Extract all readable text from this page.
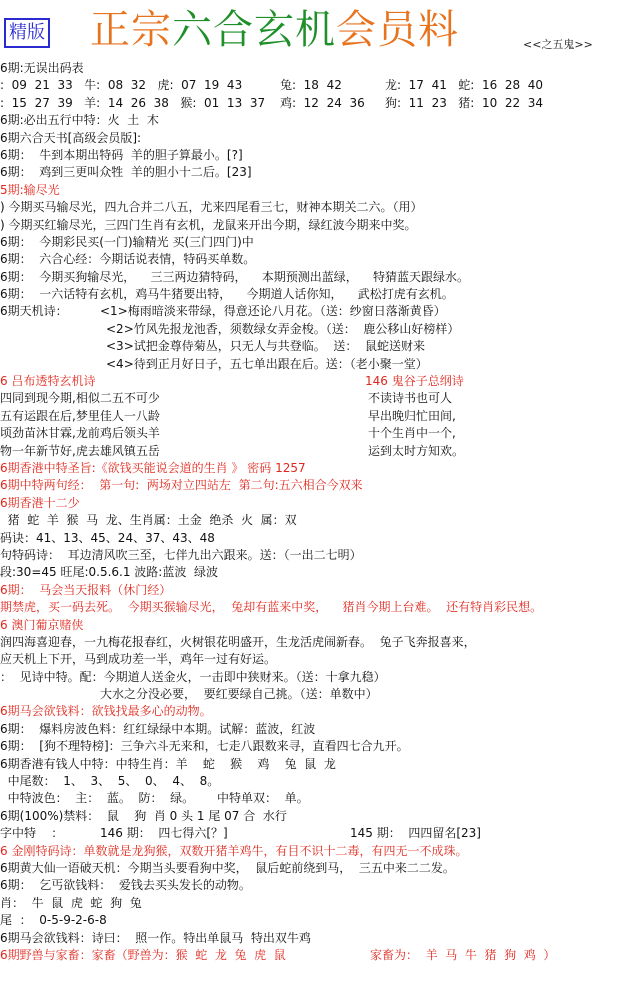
精版 正宗六合玄机会员料	<<之五鬼>>
6期:无误出码表
:  09  21  33   牛:  08  32   虎:  07  19  43	兔:  18  42	龙:  17  41   蛇:  16  28  40
:  15  27  39   羊:  14  26  38   猴:  01  13  37 鸡:  12  24  36 狗:  11  23   猪:  10  22  34
6期:必出五行中特：火  土  木
6期六合天书[高级会员版]:
6期：  牛到本期出特码  羊的胆子算最小。[?]
6期：  鸡到三更叫众牲  羊的胆小十二后。[23]
5期:输尽光
) 今期买马输尽光，四九合并二八五，尤来四尾看三七，财神本期关二六。（用）
) 今期买红输尽光，三四门生肖有玄机，龙鼠来开出今期，绿红波今期来中奖。
6期：  今期彩民买(一门)输精光 买(三门四门)中
6期：  六合心经：今期话说表情，特码买单数。
6期：  今期买狗输尽光，    三三两边猜特码，    本期预测出蓝绿，    特猜蓝天跟绿水。
6期：  一六话特有玄机，鸡马牛猪要出特，    今期道人话你知，    武松打虎有玄机。
6期天机诗：	<1>梅雨暗淡来带绿，得意还论八月花。（送：纱窗日落渐黄昏）
<2>竹风先报龙池香，须数绿女弄金梭。（送：  鹿公移山好榜样）
<3>试把金尊侍菊丛，只无人与共登临。  送：  鼠蛇送财来
<4>待到正月好日子，五七单出跟在后。送：（老小聚一堂）
6 吕布透特玄机诗	146 鬼谷子总纲诗
四同到现今期,相似二五不可少	不读诗书也可人
五有运跟在后,梦里佳人一八龄	早出晚归忙田间,
顷劲苗沐甘霖,龙前鸡后领头羊	十个生肖中一个,
物一年新节好,虎去雄风镇五岳	运到太时方知欢。
6期香港中特圣旨:《欲钱买能说会道的生肖 》 密码 1257
6期中特两句经：  第一句:  两场对立四站左  第二句:五六相合今双来
6期香港十二少
猪  蛇  羊  猴  马  龙、生肖属：土金  绝杀  火  属：双
码诀：41、13、45、24、37、43、48
句特码诗：  耳边清风吹三至，七伴九出六跟来。送：（一出二七明）
段:30=45 旺尾:0.5.6.1 波路:蓝波  绿波
6期：  马会当天报料（休门经）
期禁虎，买一码去死。  今期买猴输尽光，  兔却有蓝来中奖，    猪肖今期上台难。  还有特肖彩民想。
6 澳门葡京赌侠
润四海喜迎春，一九梅花报春红，火树银花明盛开，生龙活虎闹新春。  兔子飞奔报喜来，
应天机上下开，马到成功差一半，鸡年一过有好运。
：  见诗中特。配：今期道人送金火，一击即中狭财来。（送：十拿九稳）
大水之分没必要，  要红要绿自己挑。（送：单数中）
6期马会欲钱料：欲钱找最多心的动物。
6期：  爆料房波色料：红红绿绿中本期。试解：蓝波，红波
6期：  [狗不理特榜]：三争六斗无来和，七走八跟数来寻，直看四七合九开。
6期香港有钱人中特：中特生肖：羊    蛇    猴    鸡    兔  鼠  龙
中尾数：  1、  3、  5、  0、  4、  8。
中特波色：  主：  蓝。  防：  绿。      中特单双：  单。
6期(100%)禁料：  鼠    狗  肖 0 头 1 尾 07 合  水行
字中特    ：	146 期：  四七得六[？]	145 期：  四四留名[23]
6 金刚特码诗：单数就是龙狗猴，双数开猪羊鸡牛，有目不识十二毒，有四无一不成珠。
6期黄大仙一语破天机：今期当头要看狗中奖，  鼠后蛇前绕到马，  三五中来二二发。
6期：  乞丐欲钱料：  爱钱去买头发长的动物。
肖：  牛  鼠  虎  蛇  狗  兔
尾  ：  0-5-9-2-6-8
6期马会欲钱料：诗曰：  照一作。特出单鼠马  特出双牛鸡
6期野兽与家畜：家畜（野兽为：猴  蛇  龙  兔  虎  鼠	家畜为：  羊  马  牛  猪  狗  鸡  ）
